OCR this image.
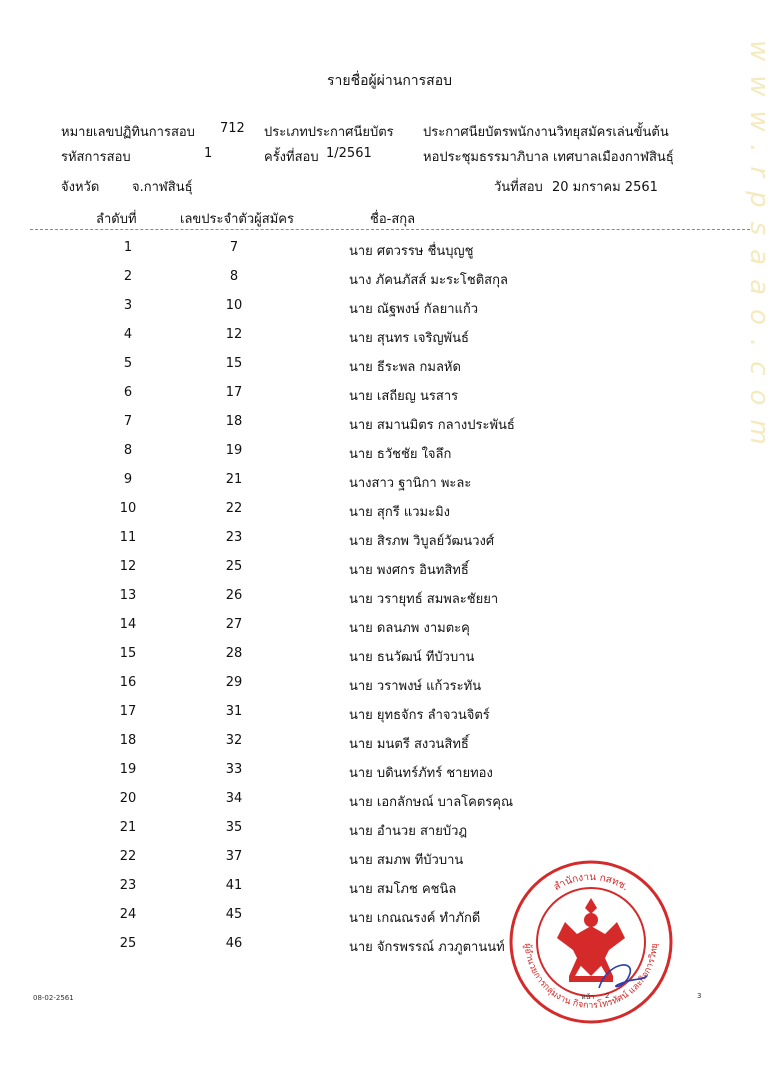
www.rpsaao.com
รายชื่อผู้ผ่านการสอบ
หมายเลขปฏิทินการสอบ 712 ประเภทประกาศนียบัตร ประกาศนียบัตรพนักงานวิทยุสมัครเล่นขั้นต้น
รหัสการสอบ	1	ครั้งที่สอบ 1/2561	หอประชุมธรรมาภิบาล เทศบาลเมืองกาฬสินธุ์
จังหวัด	จ.กาฬสินธุ์	วันที่สอบ 20 มกราคม 2561
ลำดับที่	เลขประจำตัวผู้สมัคร	ชื่อ-สกุล
1	7	นาย ศตวรรษ ชื่นบุญชู
2	8	นาง ภัคนภัสส์ มะระโชติสกุล
3	10	นาย ณัฐพงษ์ กัลยาแก้ว
4	12	นาย สุนทร เจริญพันธ์
5	15	นาย ธีระพล กมลหัด
6	17	นาย เสถียญ นรสาร
7	18	นาย สมานมิตร กลางประพันธ์
8	19	นาย ธวัชชัย ใจลึก
9	21	นางสาว ฐานิกา พะละ
10	22	นาย สุกรี แวมะมิง
11	23	นาย สิรภพ วิบูลย์วัฒนวงศ์
12	25	นาย พงศกร อินทสิทธิ์
13	26	นาย วรายุทธ์ สมพละชัยยา
14	27	นาย ดลนภพ งามตะคุ
15	28	นาย ธนวัฒน์ ทีบัวบาน
16	29	นาย วราพงษ์ แก้วระทัน
17	31	นาย ยุทธจักร ลำจวนจิตร์
18	32	นาย มนตรี สงวนสิทธิ์
19	33	นาย บดินทร์ภัทร์ ชายทอง
20	34	นาย เอกลักษณ์ บาลโคตรคุณ
21	35	นาย อำนวย สายบัวฎ
22	37	นาย สมภพ ทีบัวบาน
23	41	นาย สมโภช คชนิล
24	45	นาย เกณณรงค์ ทำภักดี
25	46	นาย จักรพรรณ์ ภวภูตานนท์
สำนักงาน กสทช.
ผู้อำนวยการกลุ่มงาน กิจการโทรทัศน์ และกิจการวิทยุ
08-02-2561	หน้า 2	3
